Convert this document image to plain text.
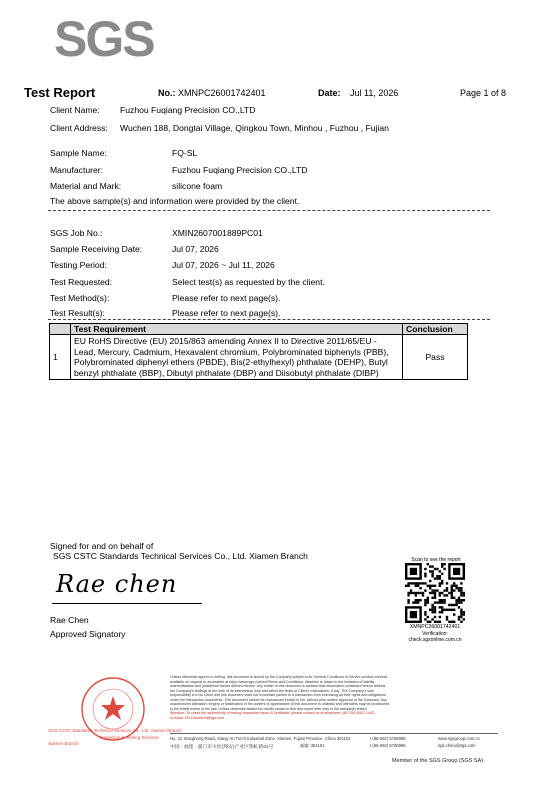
SGS
Test Report	No.: XMNPC26001742401	Date: Jul 11, 2026	Page 1 of 8
Client Name: Fuzhou Fuqiang Precision CO.,LTD
Client Address: Wuchen 188, Dongtai Village, Qingkou Town, Minhou , Fuzhou , Fujian
Sample Name:	FQ-SL
Manufacturer:	Fuzhou Fuqiang Precision CO.,LTD
Material and Mark:	silicone foam
The above sample(s) and information were provided by the client.
SGS Job No.:	XMIN2607001889PC01
Sample Receiving Date:	Jul 07, 2026
Testing Period:	Jul 07, 2026 ~ Jul 11, 2026
Test Requested:	Select test(s) as requested by the client.
Test Method(s):	Please refer to next page(s).
Test Result(s):	Please refer to next page(s).
	Test Requirement	Conclusion
1	EU RoHS Directive (EU) 2015/863 amending Annex II to Directive 2011/65/EU -
Lead, Mercury, Cadmium, Hexavalent chromium, Polybrominated biphenyls (PBB),
Polybrominated diphenyl ethers (PBDE), Bis(2-ethylhexyl) phthalate (DEHP), Butyl
benzyl phthalate (BBP), Dibutyl phthalate (DBP) and Diisobutyl phthalate (DIBP)	Pass
Signed for and on behalf of
SGS CSTC Standards Technical Services Co., Ltd. Xiamen Branch
Rae chen
Rae Chen
Approved Signatory
Scan to see the report
XMNPC26001742401
Verification:
check.sgsonline.com.cn
SGS CSTC Standards Technical Services Co., Ltd. Xiamen Branch
Inspection & Testing Services
Xiamen Branch
Unless otherwise agreed in writing, this document is issued by the Company subject to its General Conditions of Service printed overleaf,
available on request or accessible at https://www.sgs.com/en/Terms-and-Conditions. Attention is drawn to the limitation of liability,
indemnification and jurisdiction issues defined therein. Any holder of this document is advised that information contained hereon reflects
the Company's findings at the time of its intervention only and within the limits of Client's instructions, if any. The Company's sole
responsibility is to its Client and this document does not exonerate parties to a transaction from exercising all their rights and obligations
under the transaction documents. This document cannot be reproduced except in full, without prior written approval of the Company. Any
unauthorized alteration, forgery or falsification of the content or appearance of this document is unlawful and offenders may be prosecuted
to the fullest extent of the law. Unless otherwise stated the results shown in this test report refer only to the sample(s) tested.
Attention: To check the authenticity of testing /inspection report & certificate, please contact us at telephone: (86-755) 8307 1443,
or email: CN.Doccheck@sgs.com
No. 31 Xianghong Road, Xiang' An Torch Industrial Zone, Xiamen, Fujian Province, China 361101	t (86-592) 5766985	www.sgsgroup.com.cn
中国 · 福建 · 厦门市火炬(翔安)产业区翔虹路31号	邮编: 361101	t (86-592) 5766985	sgs.china@sgs.com
Member of the SGS Group (SGS SA)
